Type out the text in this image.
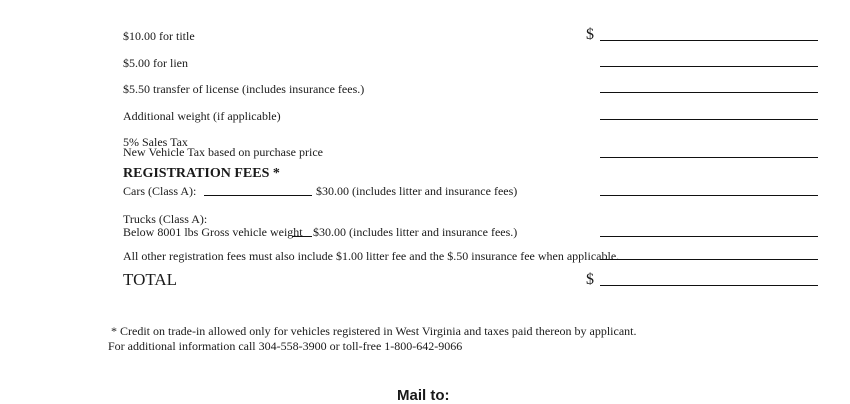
$10.00 for title	$
$5.00 for lien
$5.50 transfer of license (includes insurance fees.)
Additional weight (if applicable)
5% Sales Tax
New Vehicle Tax based on purchase price
REGISTRATION FEES *
Cars (Class A):	$30.00 (includes litter and insurance fees)
Trucks (Class A):
Below 8001 lbs Gross vehicle weight $30.00 (includes litter and insurance fees.)
All other registration fees must also include $1.00 litter fee and the $.50 insurance fee when applicable.
TOTAL	$
* Credit on trade-in allowed only for vehicles registered in West Virginia and taxes paid thereon by applicant.
For additional information call 304-558-3900 or toll-free 1-800-642-9066
Mail to:
